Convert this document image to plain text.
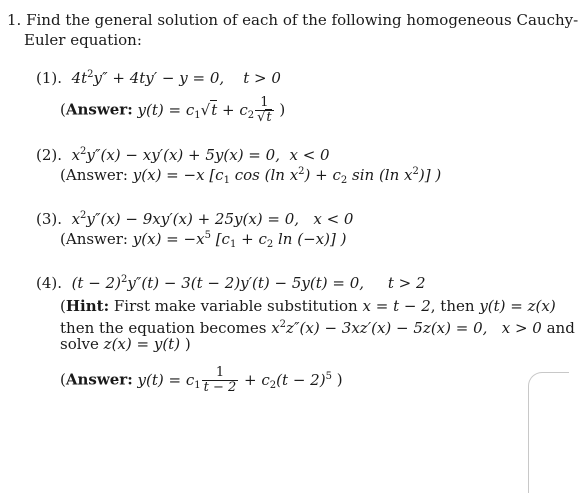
1. Find the general solution of each of the following homogeneous Cauchy-
Euler equation:
(1).  $4t^2y'' + 4ty' - y = 0$,    t > 0
(Answer: $y(t) = c_1√t + c_2 \frac{1}{√t}$ )
(2).  $x^2y''(x) - xy'(x) + 5y(x) = 0$,  x < 0
(Answer: y(x) = −x [$c_1$ cos (ln $x^2) + c_2$ sin (ln $x^2$)] )
(3).  $x^2y''(x) - 9xy'(x) + 25y(x) = 0$,   x < 0
(Answer: $y(x) = -x^5$ [$c_1 + c_2$ ln (−x)] )
(4).  $(t - 2)^2y''(t) - 3(t - 2)y'(t) - 5y(t) = 0$,     t > 2
(Hint: First make variable substitution x = t − 2, then y(t) = z(x)
then the equation becomes $x^2z''(x) - 3xz'(x) - 5z(x) = 0$,   x > 0 and
solve z(x) = y(t) )
(Answer: $y(t) = c_1 \frac{1}{t - 2} + c_2(t - 2)^5$ )
